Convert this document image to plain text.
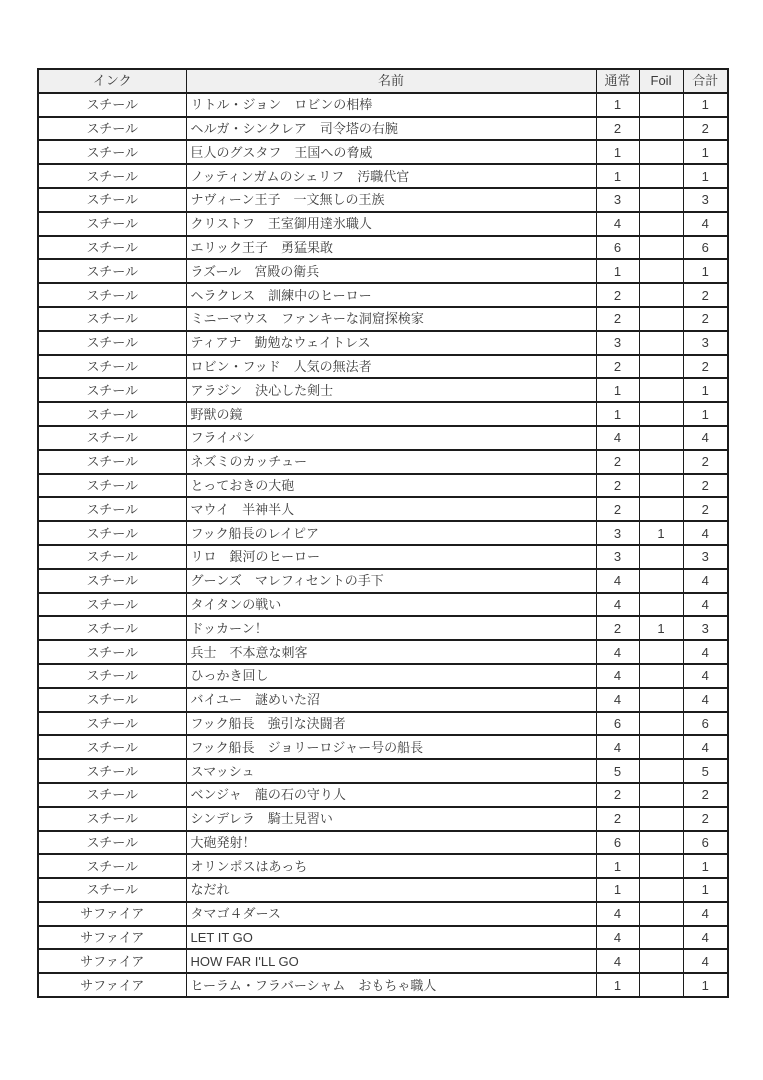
インク	名前	通常	Foil	合計
スチール	リトル・ジョン　ロビンの相棒	1		1
スチール	ヘルガ・シンクレア　司令塔の右腕	2		2
スチール	巨人のグスタフ　王国への脅威	1		1
スチール	ノッティンガムのシェリフ　汚職代官	1		1
スチール	ナヴィーン王子　一文無しの王族	3		3
スチール	クリストフ　王室御用達氷職人	4		4
スチール	エリック王子　勇猛果敢	6		6
スチール	ラズール　宮殿の衛兵	1		1
スチール	ヘラクレス　訓練中のヒーロー	2		2
スチール	ミニーマウス　ファンキーな洞窟探検家	2		2
スチール	ティアナ　勤勉なウェイトレス	3		3
スチール	ロビン・フッド　人気の無法者	2		2
スチール	アラジン　決心した剣士	1		1
スチール	野獣の鏡	1		1
スチール	フライパン	4		4
スチール	ネズミのカッチュー	2		2
スチール	とっておきの大砲	2		2
スチール	マウイ　半神半人	2		2
スチール	フック船長のレイピア	3	1	4
スチール	リロ　銀河のヒーロー	3		3
スチール	グーンズ　マレフィセントの手下	4		4
スチール	タイタンの戦い	4		4
スチール	ドッカーン！	2	1	3
スチール	兵士　不本意な刺客	4		4
スチール	ひっかき回し	4		4
スチール	バイユー　謎めいた沼	4		4
スチール	フック船長　強引な決闘者	6		6
スチール	フック船長　ジョリーロジャー号の船長	4		4
スチール	スマッシュ	5		5
スチール	ベンジャ　龍の石の守り人	2		2
スチール	シンデレラ　騎士見習い	2		2
スチール	大砲発射！	6		6
スチール	オリンポスはあっち	1		1
スチール	なだれ	1		1
サファイア	タマゴ４ダース	4		4
サファイア	LET IT GO	4		4
サファイア	HOW FAR I'LL GO	4		4
サファイア	ヒーラム・フラバーシャム　おもちゃ職人	1		1
